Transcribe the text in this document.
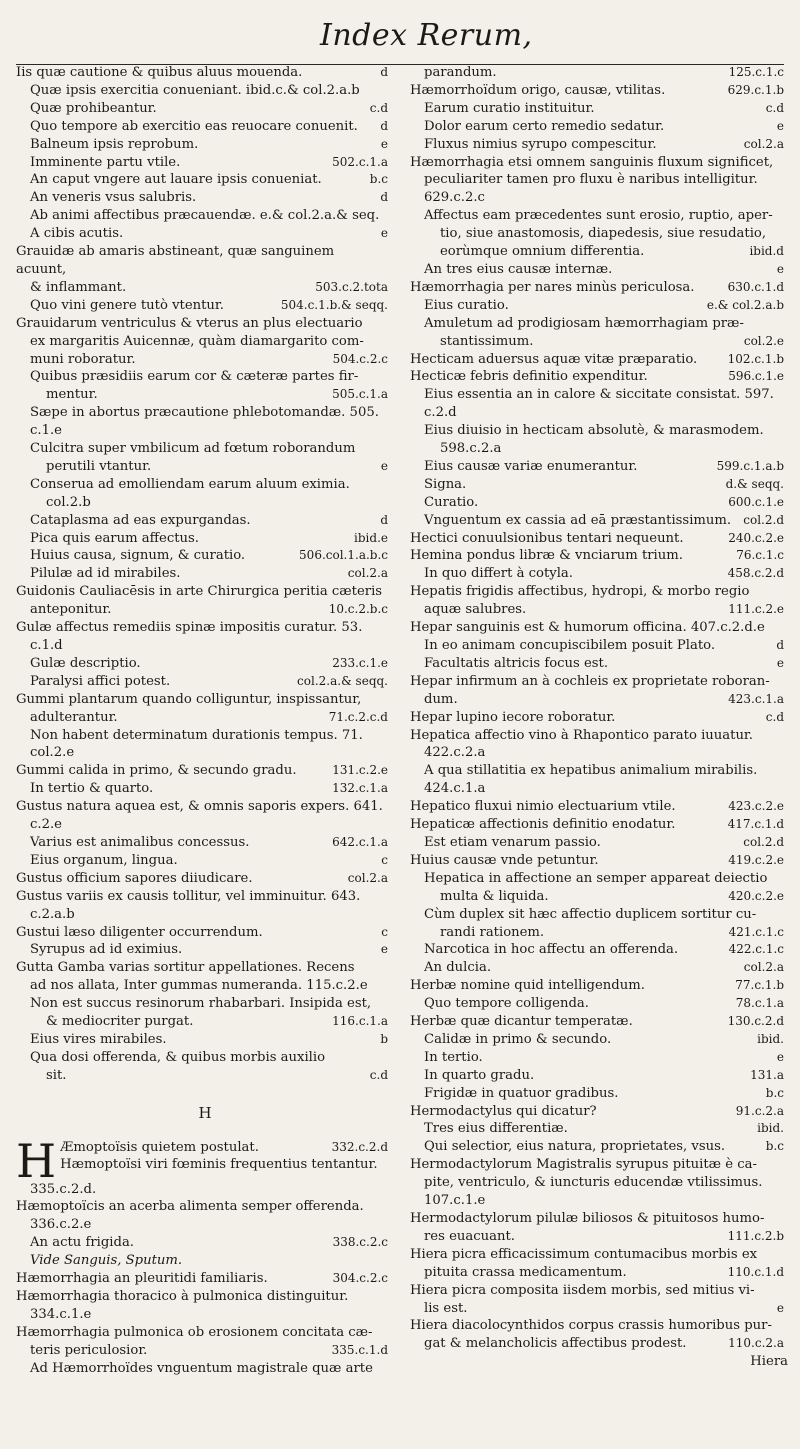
Index Rerum,
d
Iis quæ cautione & quibus aluus mouenda.
Quæ ipsis exercitia conueniant. ibid.c.& col.2.a.b
c.d
Quæ prohibeantur.
d
Quo tempore ab exercitio eas reuocare conuenit.
e
Balneum ipsis reprobum.
502.c.1.a
Imminente partu vtile.
b.c
An caput vngere aut lauare ipsis conueniat.
d
An veneris vsus salubris.
Ab animi affectibus præcauendæ. e.& col.2.a.& seq.
e
A cibis acutis.
Grauidæ ab amaris abstineant, quæ sanguinem acuunt,
503.c.2.tota
& inflammant.
504.c.1.b.& seqq.
Quo vini genere tutò vtentur.
Grauidarum ventriculus & vterus an plus electuario
ex margaritis Auicennæ, quàm diamargarito com-
504.c.2.c
muni roboratur.
Quibus præsidiis earum cor & cæteræ partes fir-
505.c.1.a
mentur.
Sæpe in abortus præcautione phlebotomandæ. 505.
c.1.e
Culcitra super vmbilicum ad fœtum roborandum
e
perutili vtantur.
Conserua ad emolliendam earum aluum eximia.
col.2.b
d
Cataplasma ad eas expurgandas.
ibid.e
Pica quis earum affectus.
506.col.1.a.b.c
Huius causa, signum, & curatio.
col.2.a
Pilulæ ad id mirabiles.
Guidonis Cauliacēsis in arte Chirurgica peritia cæteris
10.c.2.b.c
anteponitur.
Gulæ affectus remediis spinæ impositis curatur. 53.
c.1.d
233.c.1.e
Gulæ descriptio.
col.2.a.& seqq.
Paralysi affici potest.
Gummi plantarum quando colliguntur, inspissantur,
71.c.2.c.d
adulterantur.
Non habent determinatum durationis tempus. 71.
col.2.e
131.c.2.e
Gummi calida in primo, & secundo gradu.
132.c.1.a
In tertio & quarto.
Gustus natura aquea est, & omnis saporis expers. 641.
c.2.e
642.c.1.a
Varius est animalibus concessus.
c
Eius organum, lingua.
col.2.a
Gustus officium sapores diiudicare.
Gustus variis ex causis tollitur, vel imminuitur. 643.
c.2.a.b
c
Gustui læso diligenter occurrendum.
e
Syrupus ad id eximius.
Gutta Gamba varias sortitur appellationes. Recens
ad nos allata, Inter gummas numeranda. 115.c.2.e
Non est succus resinorum rhabarbari. Insipida est,
116.c.1.a
& mediocriter purgat.
b
Eius vires mirabiles.
Qua dosi offerenda, & quibus morbis auxilio
c.d
sit.
H
H Æmoptoïsis quietem postulat.	332.c.2.d
Hæmoptoïsi viri fœminis frequentius tentantur.
335.c.2.d.
Hæmoptoïcis an acerba alimenta semper offerenda.
336.c.2.e
338.c.2.c
An actu frigida.
Vide Sanguis, Sputum.
304.c.2.c
Hæmorrhagia an pleuritidi familiaris.
Hæmorrhagia thoracico à pulmonica distinguitur.
334.c.1.e
Hæmorrhagia pulmonica ob erosionem concitata cæ-
335.c.1.d
teris periculosior.
Ad Hæmorrhoïdes vnguentum magistrale quæ arte
125.c.1.c
parandum.
629.c.1.b
Hæmorrhoïdum origo, causæ, vtilitas.
c.d
Earum curatio instituitur.
e
Dolor earum certo remedio sedatur.
col.2.a
Fluxus nimius syrupo compescitur.
Hæmorrhagia etsi omnem sanguinis fluxum significet,
peculiariter tamen pro fluxu è naribus intelligitur.
629.c.2.c
Affectus eam præcedentes sunt erosio, ruptio, aper-
tio, siue anastomosis, diapedesis, siue resudatio,
ibid.d
eorùmque omnium differentia.
e
An tres eius causæ internæ.
630.c.1.d
Hæmorrhagia per nares minùs periculosa.
e.& col.2.a.b
Eius curatio.
Amuletum ad prodigiosam hæmorrhagiam præ-
col.2.e
stantissimum.
102.c.1.b
Hecticam aduersus aquæ vitæ præparatio.
596.c.1.e
Hecticæ febris definitio expenditur.
Eius essentia an in calore & siccitate consistat. 597.
c.2.d
Eius diuisio in hecticam absolutè, & marasmodem.
598.c.2.a
599.c.1.a.b
Eius causæ variæ enumerantur.
d.& seqq.
Signa.
600.c.1.e
Curatio.
col.2.d
Vnguentum ex cassia ad eā præstantissimum.
240.c.2.e
Hectici conuulsionibus tentari nequeunt.
76.c.1.c
Hemina pondus libræ & vnciarum trium.
458.c.2.d
In quo differt à cotyla.
Hepatis frigidis affectibus, hydropi, & morbo regio
111.c.2.e
aquæ salubres.
Hepar sanguinis est & humorum officina. 407.c.2.d.e
d
In eo animam concupiscibilem posuit Plato.
e
Facultatis altricis focus est.
Hepar infirmum an à cochleis ex proprietate roboran-
423.c.1.a
dum.
c.d
Hepar lupino iecore roboratur.
Hepatica affectio vino à Rhapontico parato iuuatur.
422.c.2.a
A qua stillatitia ex hepatibus animalium mirabilis.
424.c.1.a
423.c.2.e
Hepatico fluxui nimio electuarium vtile.
417.c.1.d
Hepaticæ affectionis definitio enodatur.
col.2.d
Est etiam venarum passio.
419.c.2.e
Huius causæ vnde petuntur.
Hepatica in affectione an semper appareat deiectio
420.c.2.e
multa & liquida.
Cùm duplex sit hæc affectio duplicem sortitur cu-
421.c.1.c
randi rationem.
422.c.1.c
Narcotica in hoc affectu an offerenda.
col.2.a
An dulcia.
77.c.1.b
Herbæ nomine quid intelligendum.
78.c.1.a
Quo tempore colligenda.
130.c.2.d
Herbæ quæ dicantur temperatæ.
ibid.
Calidæ in primo & secundo.
e
In tertio.
131.a
In quarto gradu.
b.c
Frigidæ in quatuor gradibus.
91.c.2.a
Hermodactylus qui dicatur?
ibid.
Tres eius differentiæ.
b.c
Qui selectior, eius natura, proprietates, vsus.
Hermodactylorum Magistralis syrupus pituitæ è ca-
pite, ventriculo, & iuncturis educendæ vtilissimus.
107.c.1.e
Hermodactylorum pilulæ biliosos & pituitosos humo-
111.c.2.b
res euacuant.
Hiera picra efficacissimum contumacibus morbis ex
110.c.1.d
pituita crassa medicamentum.
Hiera picra composita iisdem morbis, sed mitius vi-
e
lis est.
Hiera diacolocynthidos corpus crassis humoribus pur-
110.c.2.a
gat & melancholicis affectibus prodest.
Hiera
